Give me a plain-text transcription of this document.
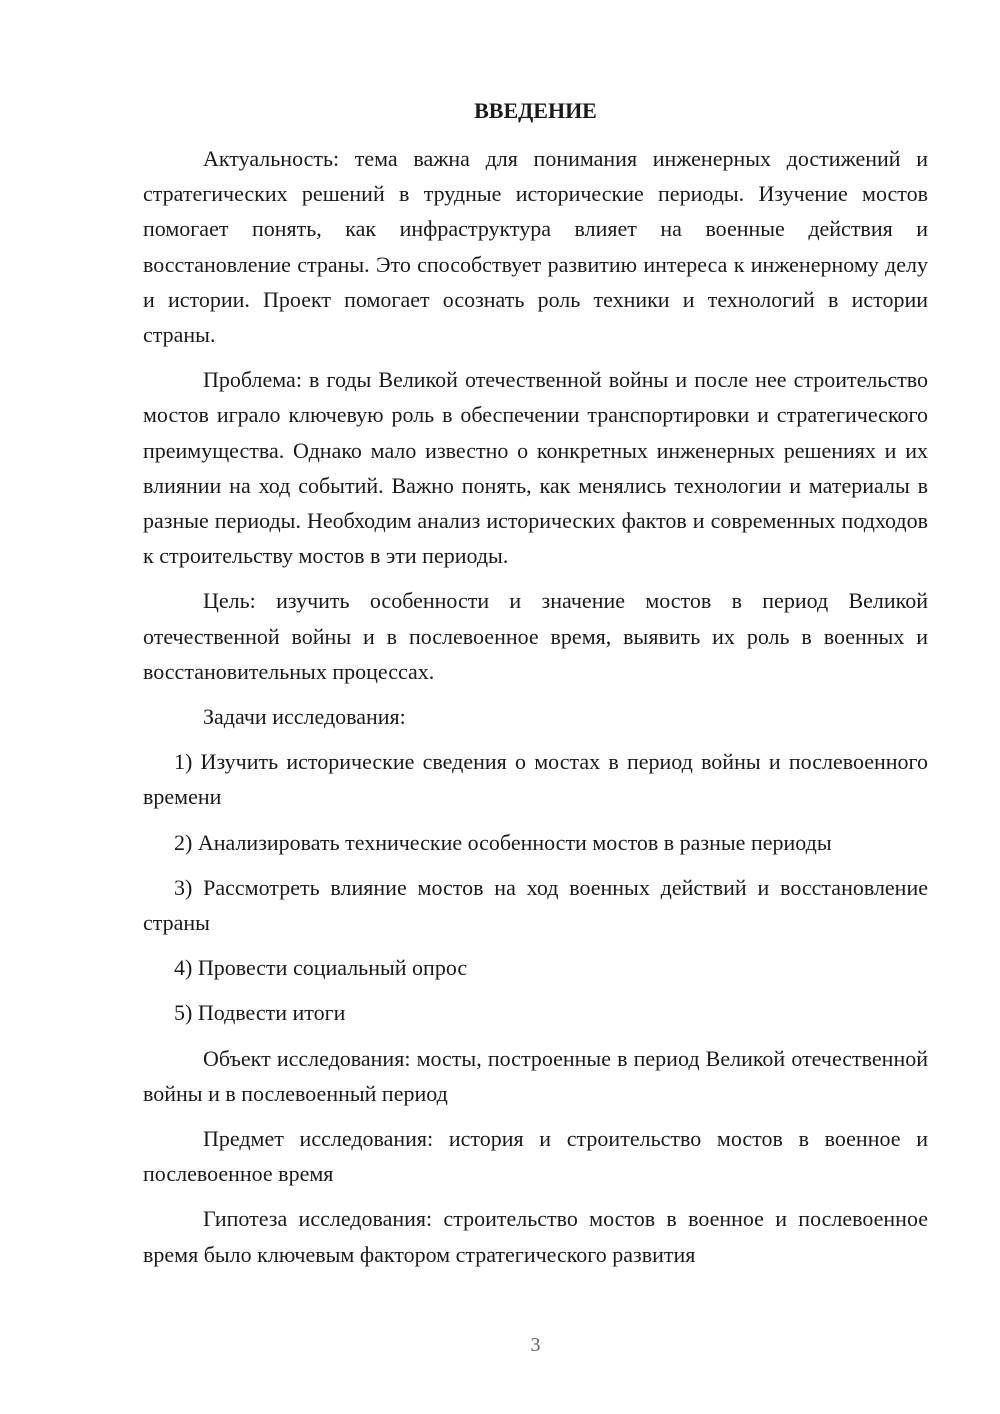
ВВЕДЕНИЕ

Актуальность: тема важна для понимания инженерных достижений и стратегических решений в трудные исторические периоды. Изучение мостов помогает понять, как инфраструктура влияет на военные действия и восстановление страны. Это способствует развитию интереса к инженерному делу и истории. Проект помогает осознать роль техники и технологий в истории страны.

Проблема: в годы Великой отечественной войны и после нее строительство мостов играло ключевую роль в обеспечении транспортировки и стратегического преимущества. Однако мало известно о конкретных инженерных решениях и их влиянии на ход событий. Важно понять, как менялись технологии и материалы в разные периоды. Необходим анализ исторических фактов и современных подходов к строительству мостов в эти периоды.

Цель: изучить особенности и значение мостов в период Великой отечественной войны и в послевоенное время, выявить их роль в военных и восстановительных процессах.

Задачи исследования:

1) Изучить исторические сведения о мостах в период войны и послевоенного времени

2) Анализировать технические особенности мостов в разные периоды

3) Рассмотреть влияние мостов на ход военных действий и восстановление страны

4) Провести социальный опрос

5) Подвести итоги

Объект исследования: мосты, построенные в период Великой отечественной войны и в послевоенный период

Предмет исследования: история и строительство мостов в военное и послевоенное время

Гипотеза исследования: строительство мостов в военное и послевоенное время было ключевым фактором стратегического развития

3
